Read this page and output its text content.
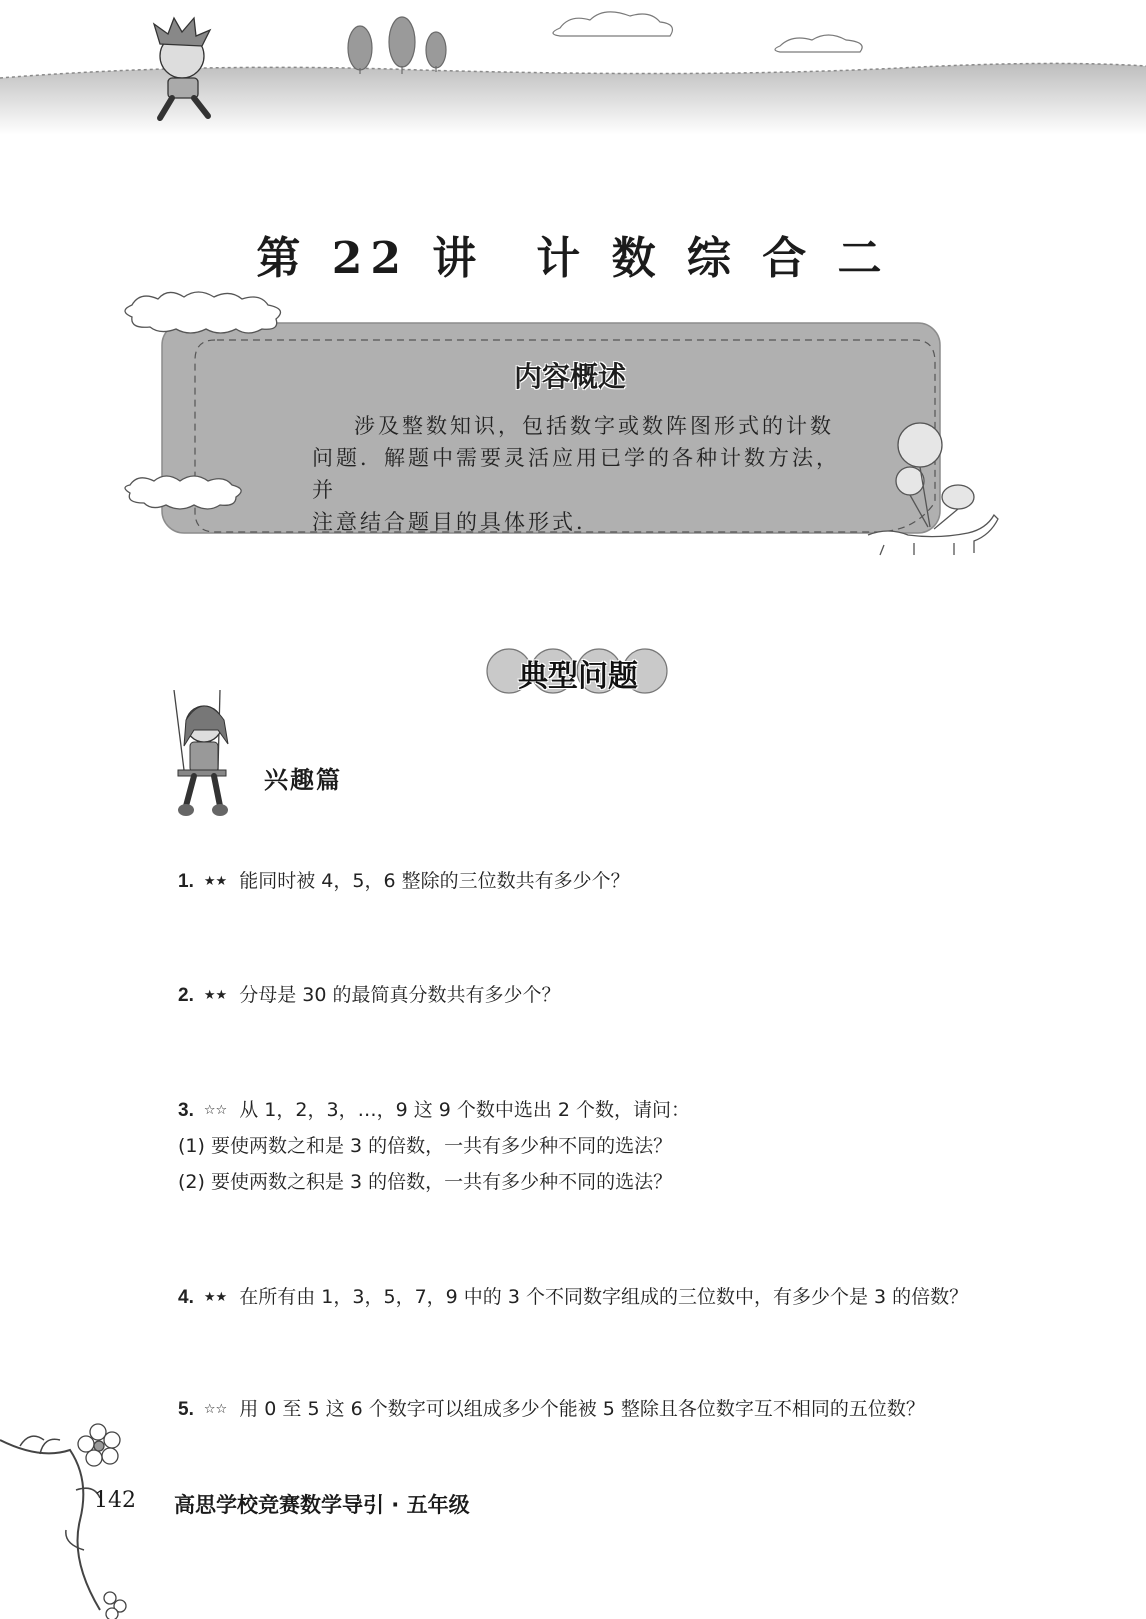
第 22 讲　计 数 综 合 二
内容概述
涉及整数知识，包括数字或数阵图形式的计数
问题．解题中需要灵活应用已学的各种计数方法，并
注意结合题目的具体形式．
典型问题
兴趣篇
1. ★★ 能同时被 4，5，6 整除的三位数共有多少个？
2. ★★ 分母是 30 的最简真分数共有多少个？
3. ☆☆ 从 1，2，3，…，9 这 9 个数中选出 2 个数，请问：
(1) 要使两数之和是 3 的倍数，一共有多少种不同的选法？
(2) 要使两数之积是 3 的倍数，一共有多少种不同的选法？
4. ★★ 在所有由 1，3，5，7，9 中的 3 个不同数字组成的三位数中，有多少个是 3 的倍数？
5. ☆☆ 用 0 至 5 这 6 个数字可以组成多少个能被 5 整除且各位数字互不相同的五位数？
142 高思学校竞赛数学导引 · 五年级
